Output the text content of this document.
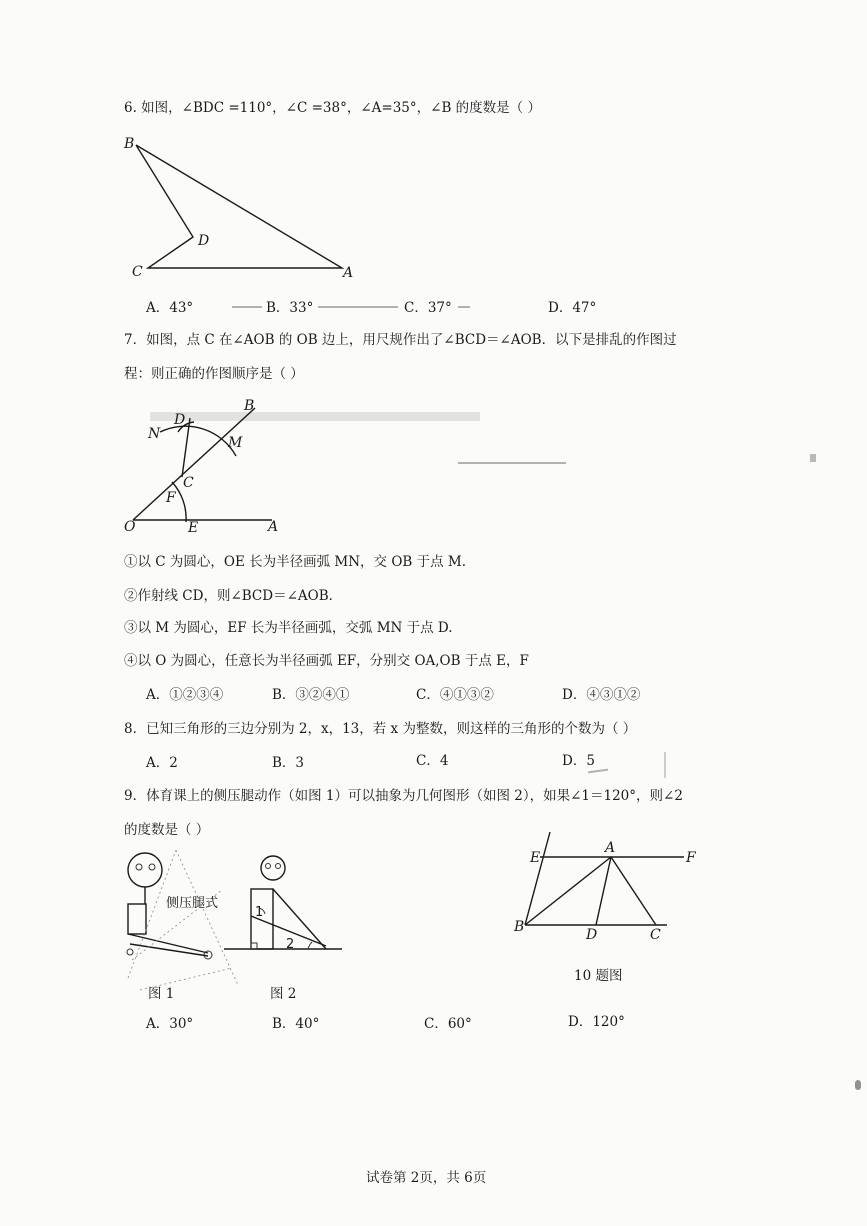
6. 如图，∠BDC =110°，∠C =38°，∠A=35°，∠B 的度数是（ ）
B
D
C	A
A．43°	B．33°	C．37°	D．47°
7．如图，点 C 在∠AOB 的 OB 边上，用尺规作出了∠BCD＝∠AOB．以下是排乱的作图过
程：则正确的作图顺序是（ ）
D
B
N
M
C
F
O	E	A
①以 C 为圆心，OE 长为半径画弧 MN，交 OB 于点 M.
②作射线 CD，则∠BCD＝∠AOB．
③以 M 为圆心，EF 长为半径画弧，交弧 MN 于点 D.
④以 O 为圆心，任意长为半径画弧 EF，分别交 OA,OB 于点 E，F
A．①②③④	B．③②④①	C．④①③②	D．④③①②
8．已知三角形的三边分别为 2，x，13，若 x 为整数，则这样的三角形的个数为（ ）
A．2	B．3	C．4	D．5
9．体育课上的侧压腿动作（如图 1）可以抽象为几何图形（如图 2），如果∠1＝120°，则∠2
的度数是（ ）
侧压腿式
图 1
1
2
图 2
E
A
F
B	D	C
10 题图
A．30°	B．40°	C．60°	D．120°
试卷第 2页，共 6页
